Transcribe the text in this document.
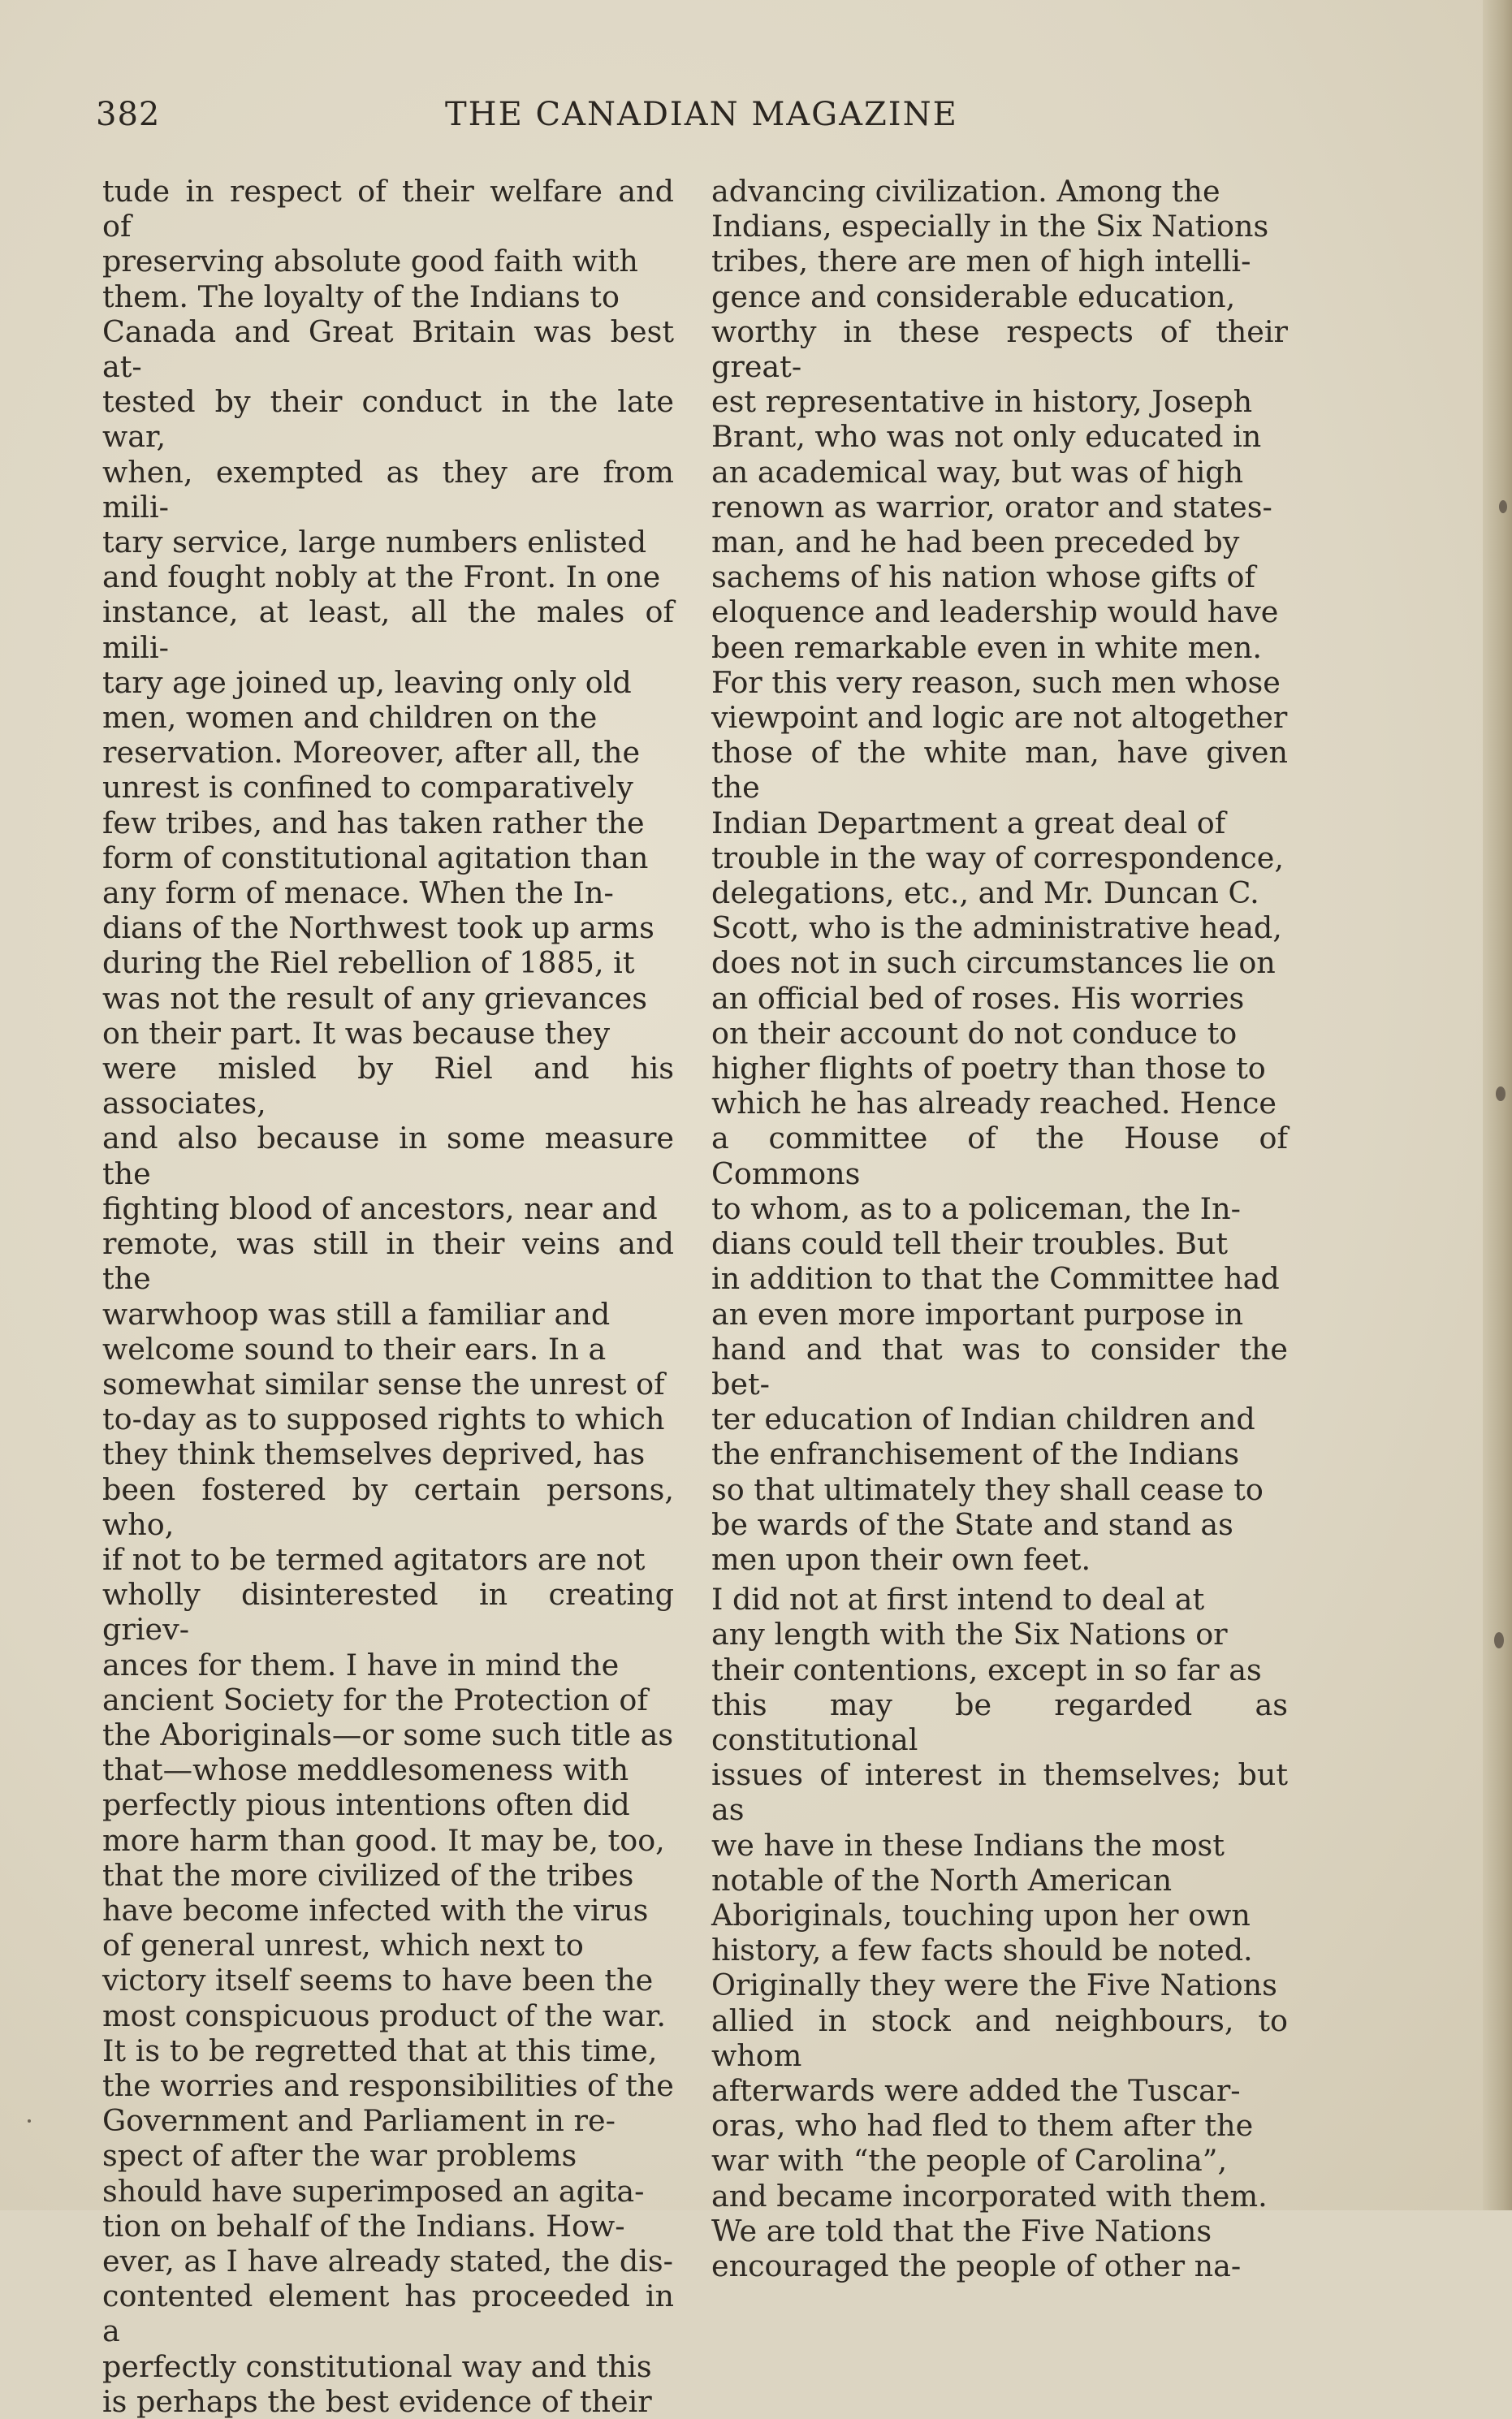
382	THE CANADIAN MAGAZINE

tude in respect of their welfare and of
preserving absolute good faith with
them. The loyalty of the Indians to
Canada and Great Britain was best at-
tested by their conduct in the late war,
when, exempted as they are from mili-
tary service, large numbers enlisted
and fought nobly at the Front. In one
instance, at least, all the males of mili-
tary age joined up, leaving only old
men, women and children on the
reservation. Moreover, after all, the
unrest is confined to comparatively
few tribes, and has taken rather the
form of constitutional agitation than
any form of menace. When the In-
dians of the Northwest took up arms
during the Riel rebellion of 1885, it
was not the result of any grievances
on their part. It was because they
were misled by Riel and his associates,
and also because in some measure the
fighting blood of ancestors, near and
remote, was still in their veins and the
warwhoop was still a familiar and
welcome sound to their ears. In a
somewhat similar sense the unrest of
to-day as to supposed rights to which
they think themselves deprived, has
been fostered by certain persons, who,
if not to be termed agitators are not
wholly disinterested in creating griev-
ances for them. I have in mind the
ancient Society for the Protection of
the Aboriginals—or some such title as
that—whose meddlesomeness with
perfectly pious intentions often did
more harm than good. It may be, too,
that the more civilized of the tribes
have become infected with the virus
of general unrest, which next to
victory itself seems to have been the
most conspicuous product of the war.
It is to be regretted that at this time,
the worries and responsibilities of the
Government and Parliament in re-
spect of after the war problems
should have superimposed an agita-
tion on behalf of the Indians. How-
ever, as I have already stated, the dis-
contented element has proceeded in a
perfectly constitutional way and this
is perhaps the best evidence of their

advancing civilization. Among the
Indians, especially in the Six Nations
tribes, there are men of high intelli-
gence and considerable education,
worthy in these respects of their great-
est representative in history, Joseph
Brant, who was not only educated in
an academical way, but was of high
renown as warrior, orator and states-
man, and he had been preceded by
sachems of his nation whose gifts of
eloquence and leadership would have
been remarkable even in white men.
For this very reason, such men whose
viewpoint and logic are not altogether
those of the white man, have given the
Indian Department a great deal of
trouble in the way of correspondence,
delegations, etc., and Mr. Duncan C.
Scott, who is the administrative head,
does not in such circumstances lie on
an official bed of roses. His worries
on their account do not conduce to
higher flights of poetry than those to
which he has already reached. Hence
a committee of the House of Commons
to whom, as to a policeman, the In-
dians could tell their troubles. But
in addition to that the Committee had
an even more important purpose in
hand and that was to consider the bet-
ter education of Indian children and
the enfranchisement of the Indians
so that ultimately they shall cease to
be wards of the State and stand as
men upon their own feet.

I did not at first intend to deal at
any length with the Six Nations or
their contentions, except in so far as
this may be regarded as constitutional
issues of interest in themselves; but as
we have in these Indians the most
notable of the North American
Aboriginals, touching upon her own
history, a few facts should be noted.
Originally they were the Five Nations
allied in stock and neighbours, to whom
afterwards were added the Tuscar-
oras, who had fled to them after the
war with “the people of Carolina”,
and became incorporated with them.
We are told that the Five Nations
encouraged the people of other na-
